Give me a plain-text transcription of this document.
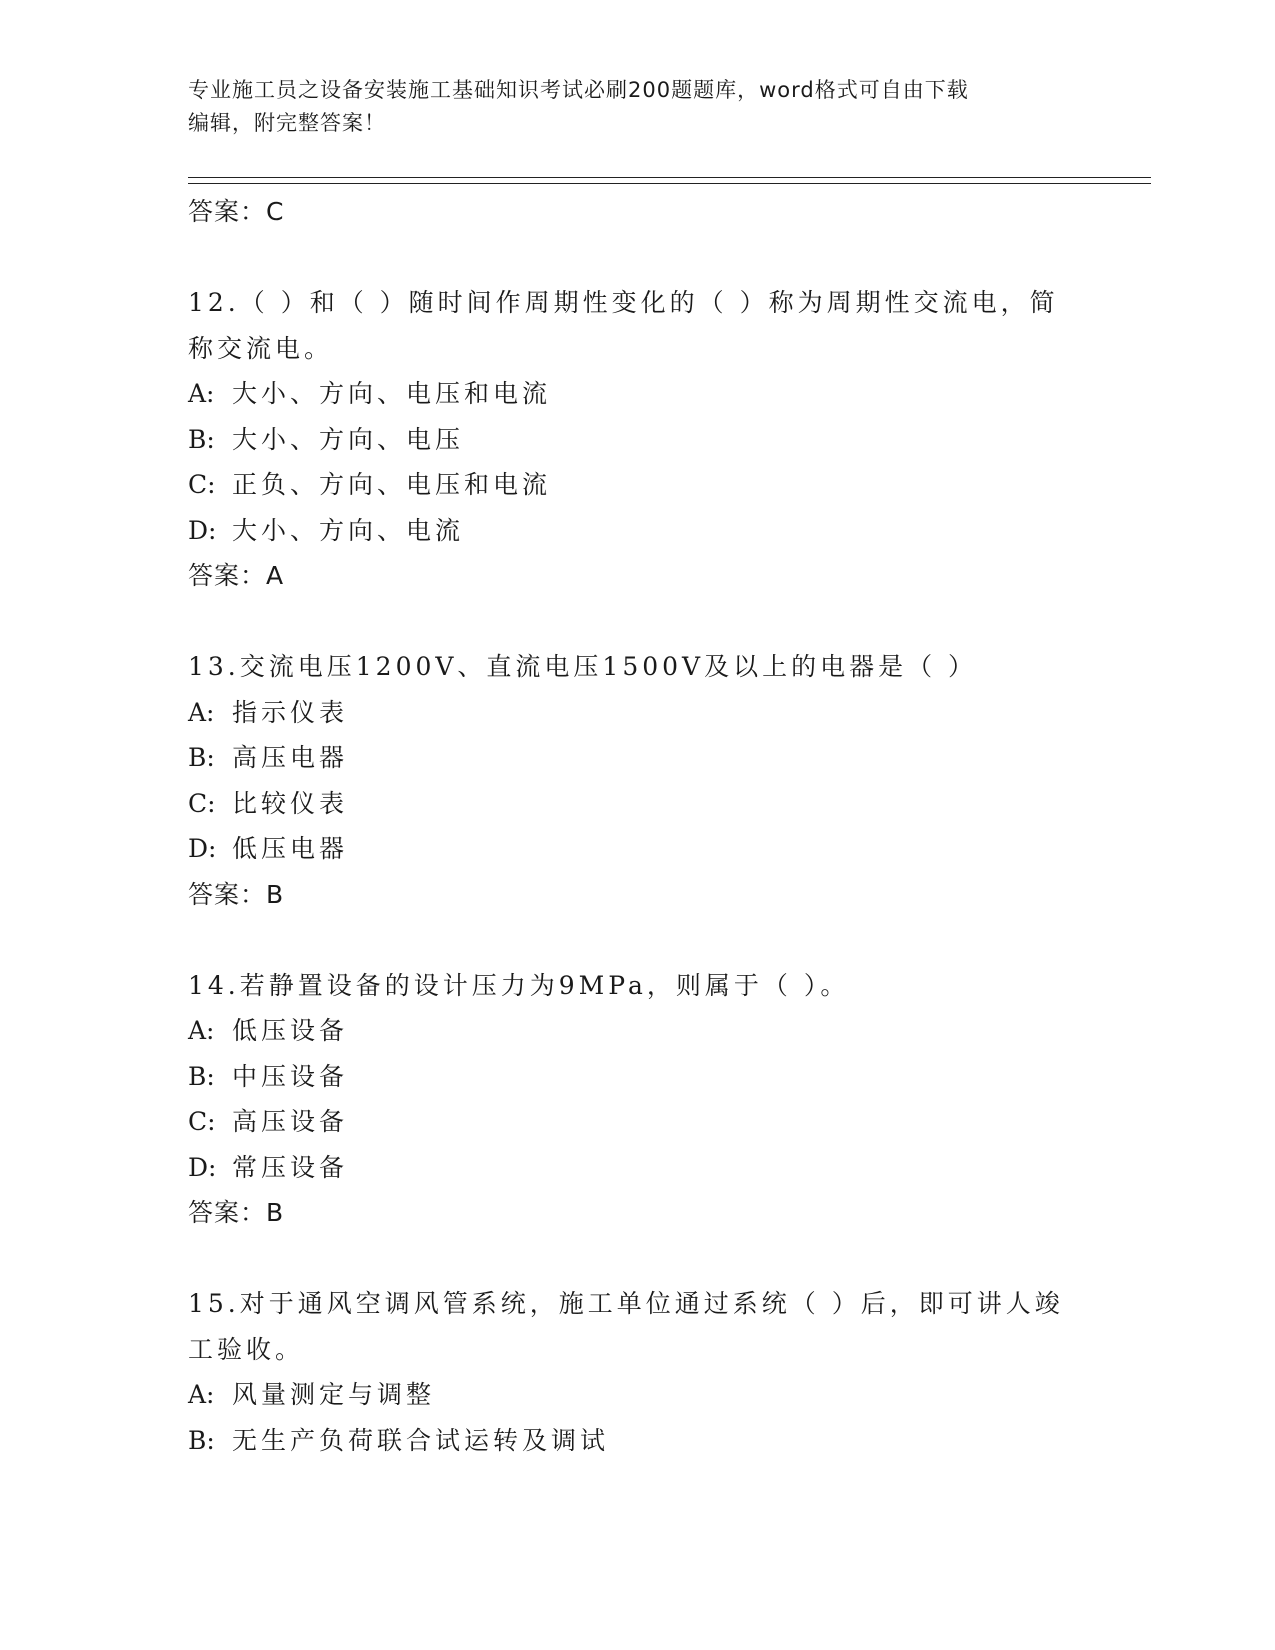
专业施工员之设备安装施工基础知识考试必刷200题题库，word格式可自由下载
编辑，附完整答案！
答案：C
12.（ ）和（ ）随时间作周期性变化的（ ）称为周期性交流电，简
称交流电。
A: 大小、方向、电压和电流
B: 大小、方向、电压
C: 正负、方向、电压和电流
D: 大小、方向、电流
答案：A
13.交流电压1200V、直流电压1500V及以上的电器是（ ）
A: 指示仪表
B: 高压电器
C: 比较仪表
D: 低压电器
答案：B
14.若静置设备的设计压力为9MPa，则属于（ ）。
A: 低压设备
B: 中压设备
C: 高压设备
D: 常压设备
答案：B
15.对于通风空调风管系统，施工单位通过系统（ ）后，即可讲人竣
工验收。
A: 风量测定与调整
B: 无生产负荷联合试运转及调试
